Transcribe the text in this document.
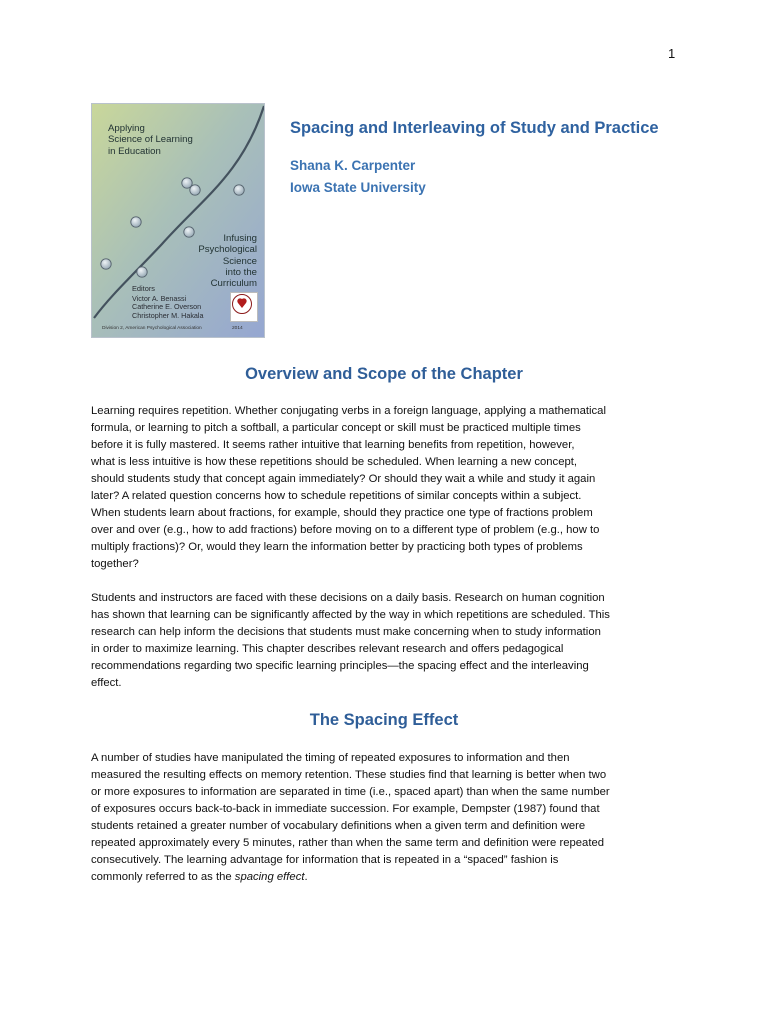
1
Applying
Science of Learning
in Education
Infusing
Psychological Science
into the Curriculum
Editors
Victor A. Benassi
Catherine E. Overson
Christopher M. Hakala
Division 2, American Psychological Association	2014
Spacing and Interleaving of Study and Practice
Shana K. Carpenter
Iowa State University
Overview and Scope of the Chapter
Learning requires repetition. Whether conjugating verbs in a foreign language, applying a mathematical
formula, or learning to pitch a softball, a particular concept or skill must be practiced multiple times
before it is fully mastered. It seems rather intuitive that learning benefits from repetition, however,
what is less intuitive is how these repetitions should be scheduled. When learning a new concept,
should students study that concept again immediately? Or should they wait a while and study it again
later? A related question concerns how to schedule repetitions of similar concepts within a subject.
When students learn about fractions, for example, should they practice one type of fractions problem
over and over (e.g., how to add fractions) before moving on to a different type of problem (e.g., how to
multiply fractions)? Or, would they learn the information better by practicing both types of problems
together?
Students and instructors are faced with these decisions on a daily basis. Research on human cognition
has shown that learning can be significantly affected by the way in which repetitions are scheduled. This
research can help inform the decisions that students must make concerning when to study information
in order to maximize learning. This chapter describes relevant research and offers pedagogical
recommendations regarding two specific learning principles—the spacing effect and the interleaving
effect.
The Spacing Effect
A number of studies have manipulated the timing of repeated exposures to information and then
measured the resulting effects on memory retention. These studies find that learning is better when two
or more exposures to information are separated in time (i.e., spaced apart) than when the same number
of exposures occurs back-to-back in immediate succession. For example, Dempster (1987) found that
students retained a greater number of vocabulary definitions when a given term and definition were
repeated approximately every 5 minutes, rather than when the same term and definition were repeated
consecutively. The learning advantage for information that is repeated in a “spaced” fashion is
commonly referred to as the spacing effect.
